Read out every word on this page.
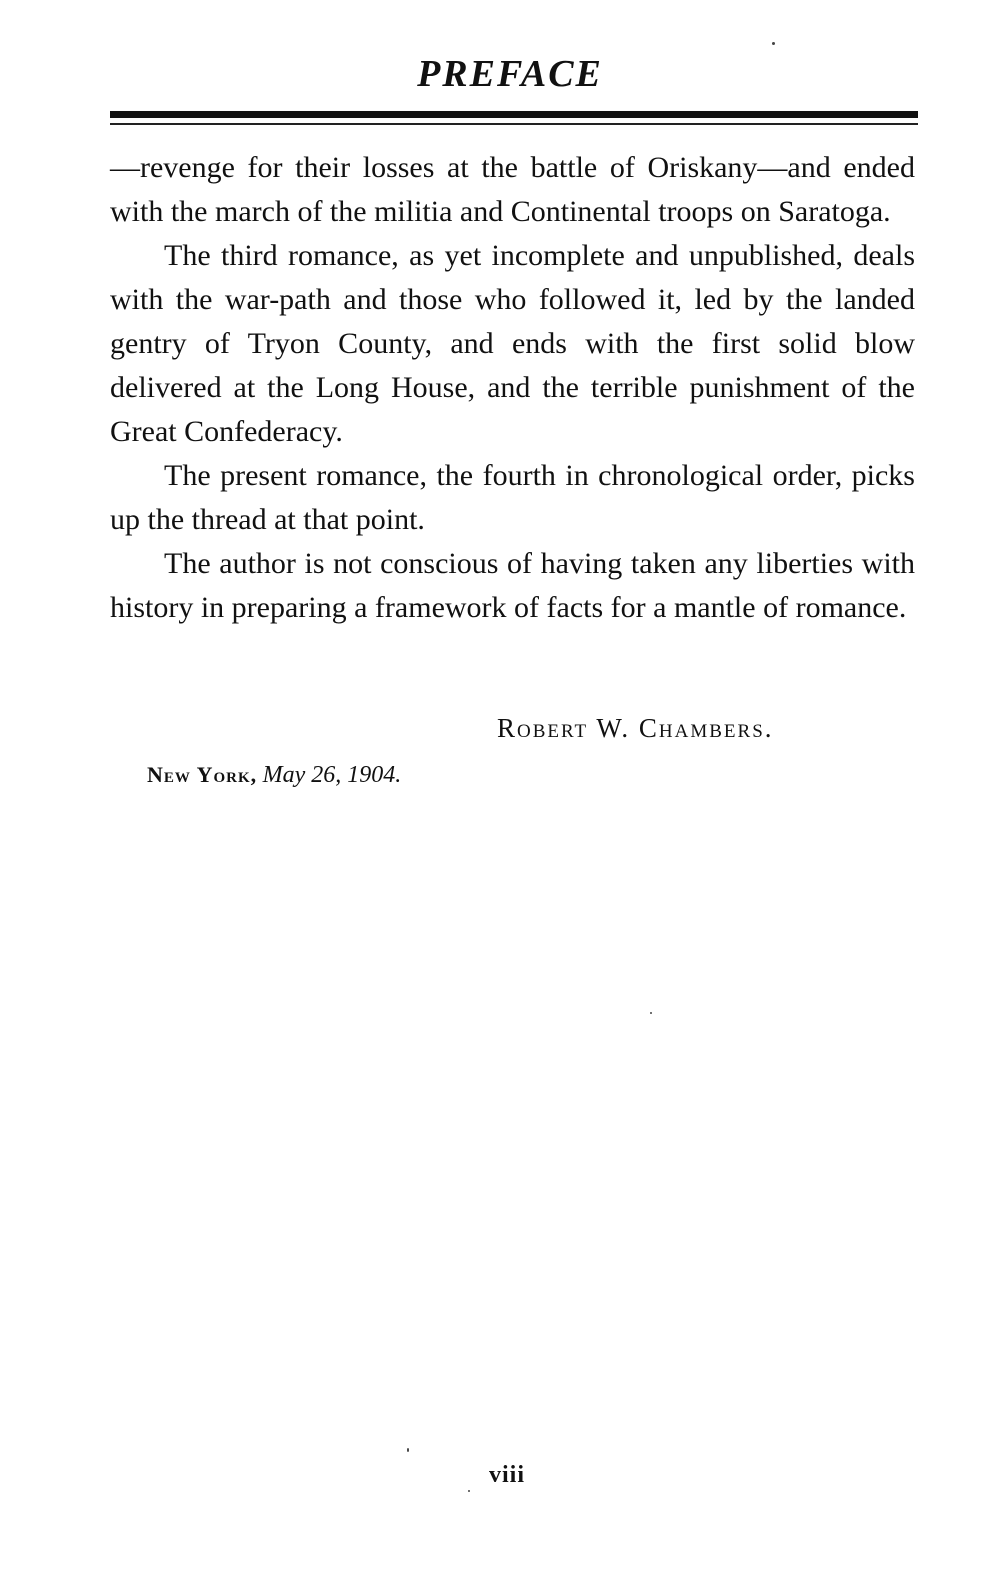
PREFACE

—revenge for their losses at the battle of Oriskany—and ended with the march of the militia and Continental troops on Saratoga.

The third romance, as yet incomplete and unpublished, deals with the war-path and those who followed it, led by the landed gentry of Tryon County, and ends with the first solid blow delivered at the Long House, and the terrible punishment of the Great Confederacy.

The present romance, the fourth in chronological order, picks up the thread at that point.

The author is not conscious of having taken any liberties with history in preparing a framework of facts for a mantle of romance.

Robert W. Chambers.
New York, May 26, 1904.
viii
